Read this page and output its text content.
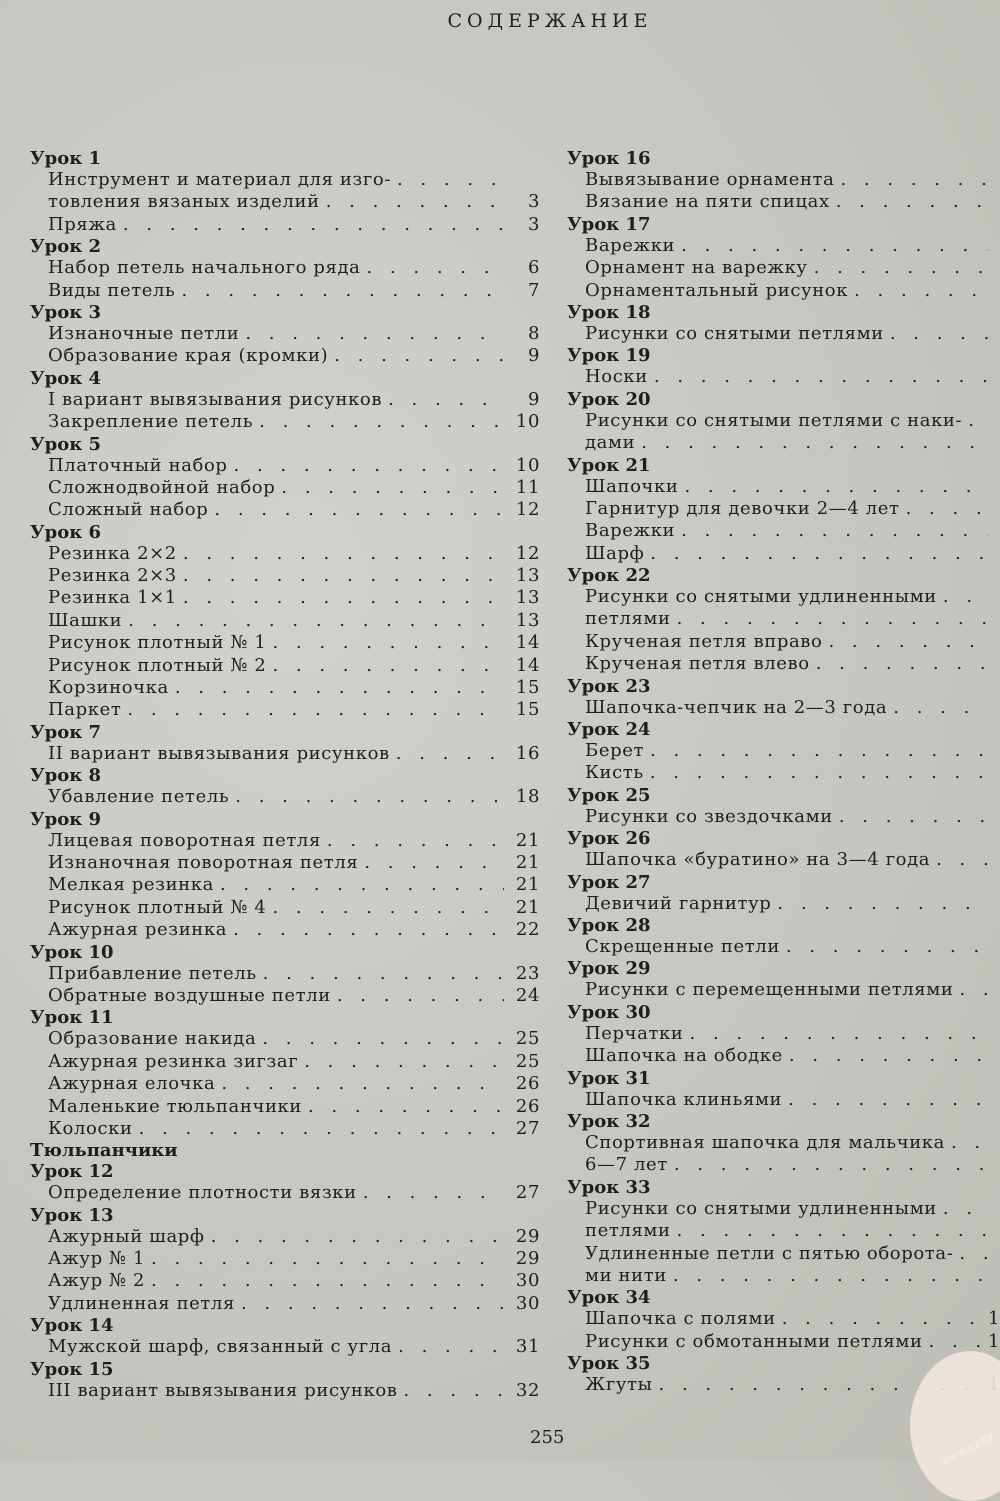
СОДЕРЖАНИЕ
Урок 1
Инструмент и материал для изго-
. . .
товления вязаных изделий . . .	3
Пряжа . . .	3
Урок 2
Набор петель начального ряда . . .	6
Виды петель . . .	7
Урок 3
Изнаночные петли . . .	8
Образование края (кромки) . . .	9
Урок 4
I вариант вывязывания рисунков . . .	9
Закрепление петель . . .	10
Урок 5
Платочный набор . . .	10
Сложнодвойной набор . . .	11
Сложный набор . . .	12
Урок 6
Резинка 2×2 . . .	12
Резинка 2×3 . . .	13
Резинка 1×1 . . .	13
Шашки . . .	13
Рисунок плотный № 1 . . .	14
Рисунок плотный № 2 . . .	14
Корзиночка . . .	15
Паркет . . .	15
Урок 7
II вариант вывязывания рисунков . . .	16
Урок 8
Убавление петель . . .	18
Урок 9
Лицевая поворотная петля . . .	21
Изнаночная поворотная петля . . .	21
Мелкая резинка . . .	21
Рисунок плотный № 4 . . .	21
Ажурная резинка . . .	22
Урок 10
Прибавление петель . . .	23
Обратные воздушные петли . . .	24
Урок 11
Образование накида . . .	25
Ажурная резинка зигзаг . . .	25
Ажурная елочка . . .	26
Маленькие тюльпанчики . . .	26
Колоски . . .	27
Тюльпанчики
Урок 12
Определение плотности вязки . . .	27
Урок 13
Ажурный шарф . . .	29
Ажур № 1 . . .	29
Ажур № 2 . . .	30
Удлиненная петля . . .	30
Урок 14
Мужской шарф, связанный с угла . . .	31
Урок 15
III вариант вывязывания рисунков . . .	32
Урок 16
Вывязывание орнамента
. . .
Вязание на пяти спицах
. . .
Урок 17
Варежки
. . .
Орнамент на варежку
. . .
Орнаментальный рисунок
. . .
Урок 18
Рисунки со снятыми петлями
. . .
Урок 19
Носки
. . .
Урок 20
Рисунки со снятыми петлями с наки-
. . .
дами
. . .
Урок 21
Шапочки
. . .
Гарнитур для девочки 2—4 лет
. . .
Варежки
. . .
Шарф
. . .
Урок 22
Рисунки со снятыми удлиненными
. . .
петлями
. . .
Крученая петля вправо
. . .
Крученая петля влево
. . .
Урок 23
Шапочка-чепчик на 2—3 года
. . .
Урок 24
Берет
. . .
Кисть
. . .
Урок 25
Рисунки со звездочками
. . .
Урок 26
Шапочка «буратино» на 3—4 года
. . .
Урок 27
Девичий гарнитур
. . .
Урок 28
Скрещенные петли
. . .
Урок 29
Рисунки с перемещенными петлями
. . .
Урок 30
Перчатки
. . .
Шапочка на ободке
. . .
Урок 31
Шапочка клиньями
. . .
Урок 32
Спортивная шапочка для мальчика
. . .
6—7 лет
. . .
Урок 33
Рисунки со снятыми удлиненными
. . .
петлями
. . .
Удлиненные петли с пятью оборота-
. . .
ми нити
. . .
Урок 34
Шапочка с полями . . .	1
Рисунки с обмотанными петлями . . .	1
Урок 35
Жгуты
. . .
255	www.ay.by
